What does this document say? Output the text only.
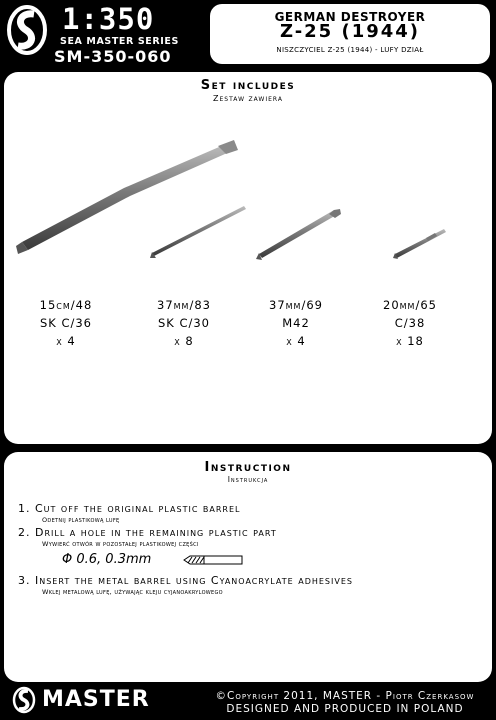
1:350
SEA MASTER SERIES
SM-350-060
GERMAN DESTROYER
Z-25 (1944)
NISZCZYCIEL Z-25 (1944) - LUFY DZIAŁ
Set includes
Zestaw zawiera
15cm/48
SK C/36
x 4
37mm/83
SK C/30
x 8
37mm/69
M42
x 4
20mm/65
C/38
x 18
Instruction
Instrukcja
1. Cut off the original plastic barrel
Odetnij plastikową lufę
2. Drill a hole in the remaining plastic part
Wywierć otwór w pozostałej plastikowej części
Φ 0.6, 0.3mm
3. Insert the metal barrel using Cyanoacrylate adhesives
Wklej metalową lufę, używając kleju cyjanoakrylowego
MASTER	©Copyright 2011, MASTER - Piotr Czerkasow
DESIGNED AND PRODUCED IN POLAND
